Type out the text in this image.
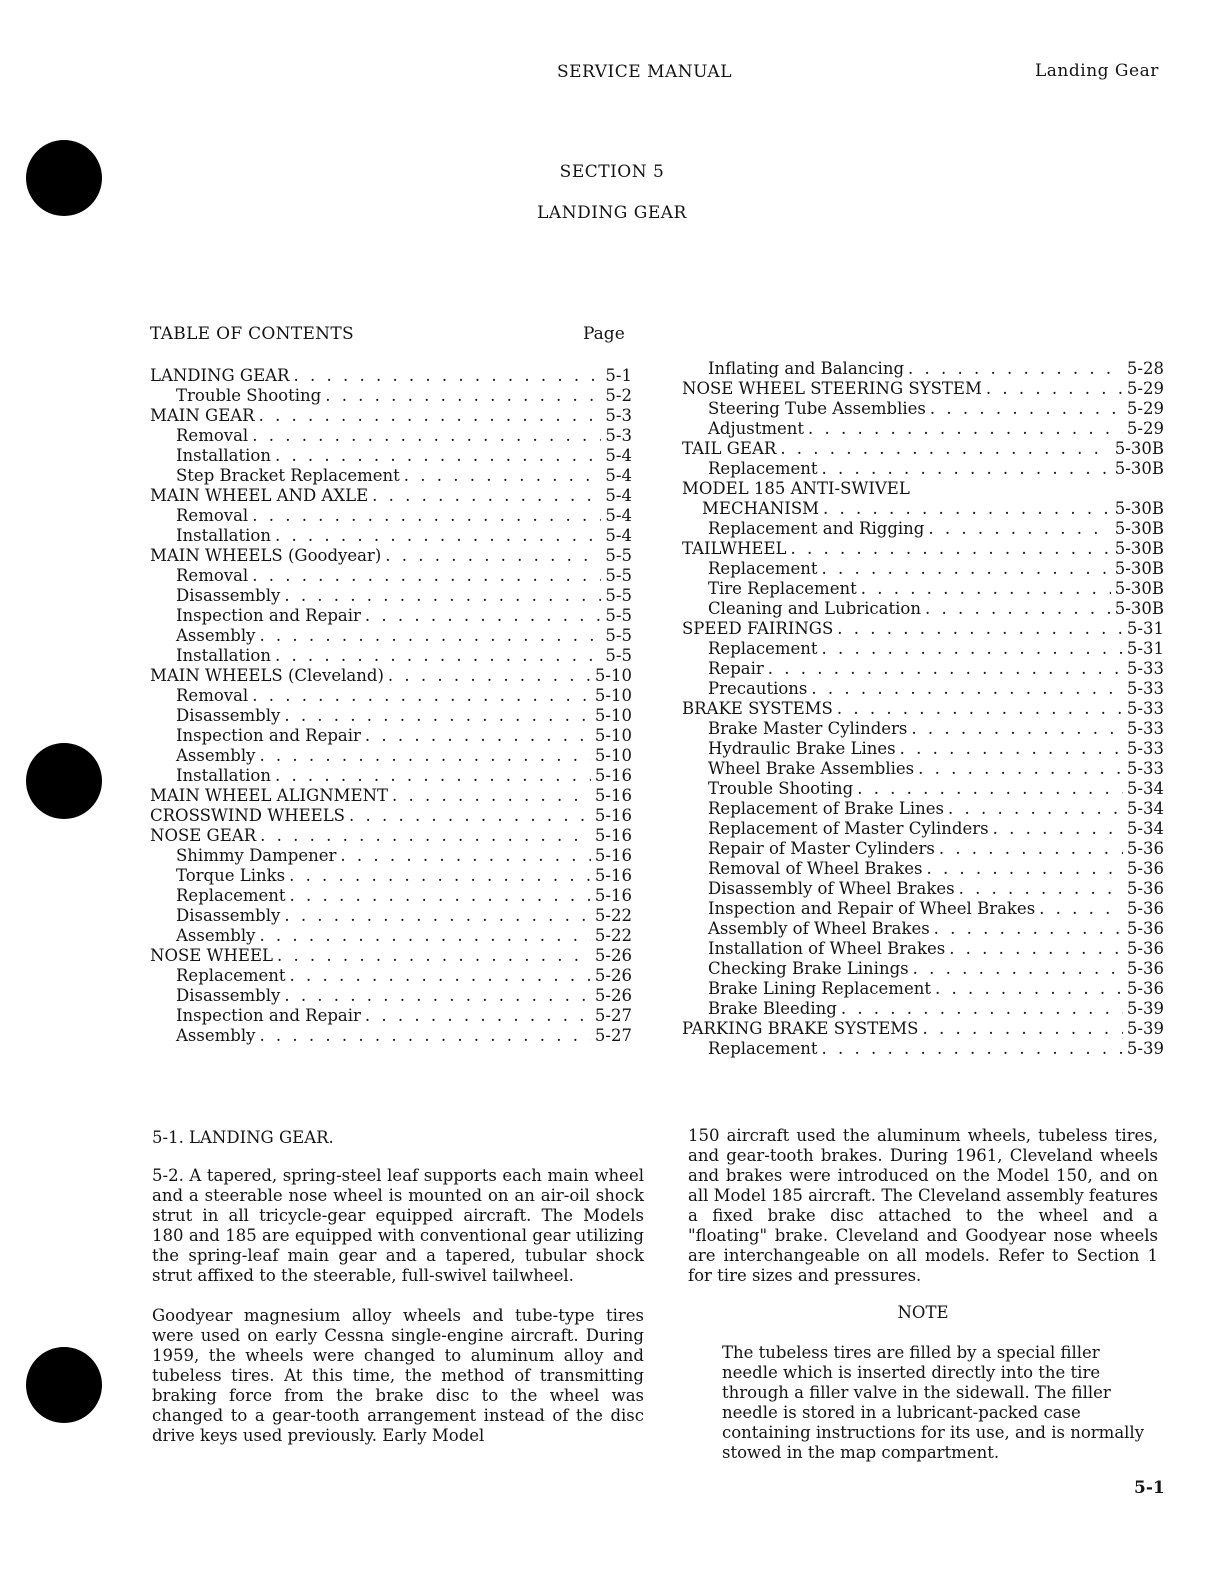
SERVICE MANUAL	Landing Gear
SECTION 5
LANDING GEAR
TABLE OF CONTENTS	Page
LANDING GEAR . . .	5-1
Trouble Shooting . . .	5-2
MAIN GEAR . . .	5-3
Removal . . .	5-3
Installation . . .	5-4
Step Bracket Replacement . . .	5-4
MAIN WHEEL AND AXLE . . .	5-4
Removal . . .	5-4
Installation . . .	5-4
MAIN WHEELS (Goodyear) . . .	5-5
Removal . . .	5-5
Disassembly . . .	5-5
Inspection and Repair . . .	5-5
Assembly . . .	5-5
Installation . . .	5-5
MAIN WHEELS (Cleveland) . . .	5-10
Removal . . .	5-10
Disassembly . . .	5-10
Inspection and Repair . . .	5-10
Assembly . . .	5-10
Installation . . .	5-16
MAIN WHEEL ALIGNMENT . . .	5-16
CROSSWIND WHEELS . . .	5-16
NOSE GEAR . . .	5-16
Shimmy Dampener . . .	5-16
Torque Links . . .	5-16
Replacement . . .	5-16
Disassembly . . .	5-22
Assembly . . .	5-22
NOSE WHEEL . . .	5-26
Replacement . . .	5-26
Disassembly . . .	5-26
Inspection and Repair . . .	5-27
Assembly . . .	5-27
Inflating and Balancing . . .	5-28
NOSE WHEEL STEERING SYSTEM . . .	5-29
Steering Tube Assemblies . . .	5-29
Adjustment . . .	5-29
TAIL GEAR . . .	5-30B
Replacement . . .	5-30B
MODEL 185 ANTI-SWIVEL
MECHANISM . . .	5-30B
Replacement and Rigging . . .	5-30B
TAILWHEEL . . .	5-30B
Replacement . . .	5-30B
Tire Replacement . . .	5-30B
Cleaning and Lubrication . . .	5-30B
SPEED FAIRINGS . . .	5-31
Replacement . . .	5-31
Repair . . .	5-33
Precautions . . .	5-33
BRAKE SYSTEMS . . .	5-33
Brake Master Cylinders . . .	5-33
Hydraulic Brake Lines . . .	5-33
Wheel Brake Assemblies . . .	5-33
Trouble Shooting . . .	5-34
Replacement of Brake Lines . . .	5-34
Replacement of Master Cylinders . . .	5-34
Repair of Master Cylinders . . .	5-36
Removal of Wheel Brakes . . .	5-36
Disassembly of Wheel Brakes . . .	5-36
Inspection and Repair of Wheel Brakes . . .	5-36
Assembly of Wheel Brakes . . .	5-36
Installation of Wheel Brakes . . .	5-36
Checking Brake Linings . . .	5-36
Brake Lining Replacement . . .	5-36
Brake Bleeding . . .	5-39
PARKING BRAKE SYSTEMS . . .	5-39
Replacement . . .	5-39

5-1. LANDING GEAR.

5-2. A tapered, spring-steel leaf supports each main wheel and a steerable nose wheel is mounted on an air-oil shock strut in all tricycle-gear equipped aircraft. The Models 180 and 185 are equipped with conventional gear utilizing the spring-leaf main gear and a tapered, tubular shock strut affixed to the steerable, full-swivel tailwheel.

Goodyear magnesium alloy wheels and tube-type tires were used on early Cessna single-engine aircraft. During 1959, the wheels were changed to aluminum alloy and tubeless tires. At this time, the method of transmitting braking force from the brake disc to the wheel was changed to a gear-tooth arrangement instead of the disc drive keys used previously. Early Model

150 aircraft used the aluminum wheels, tubeless tires, and gear-tooth brakes. During 1961, Cleveland wheels and brakes were introduced on the Model 150, and on all Model 185 aircraft. The Cleveland assembly features a fixed brake disc attached to the wheel and a "floating" brake. Cleveland and Goodyear nose wheels are interchangeable on all models. Refer to Section 1 for tire sizes and pressures.

NOTE
The tubeless tires are filled by a special filler needle which is inserted directly into the tire through a filler valve in the sidewall. The filler needle is stored in a lubricant-packed case containing instructions for its use, and is normally stowed in the map compartment.
5-1
